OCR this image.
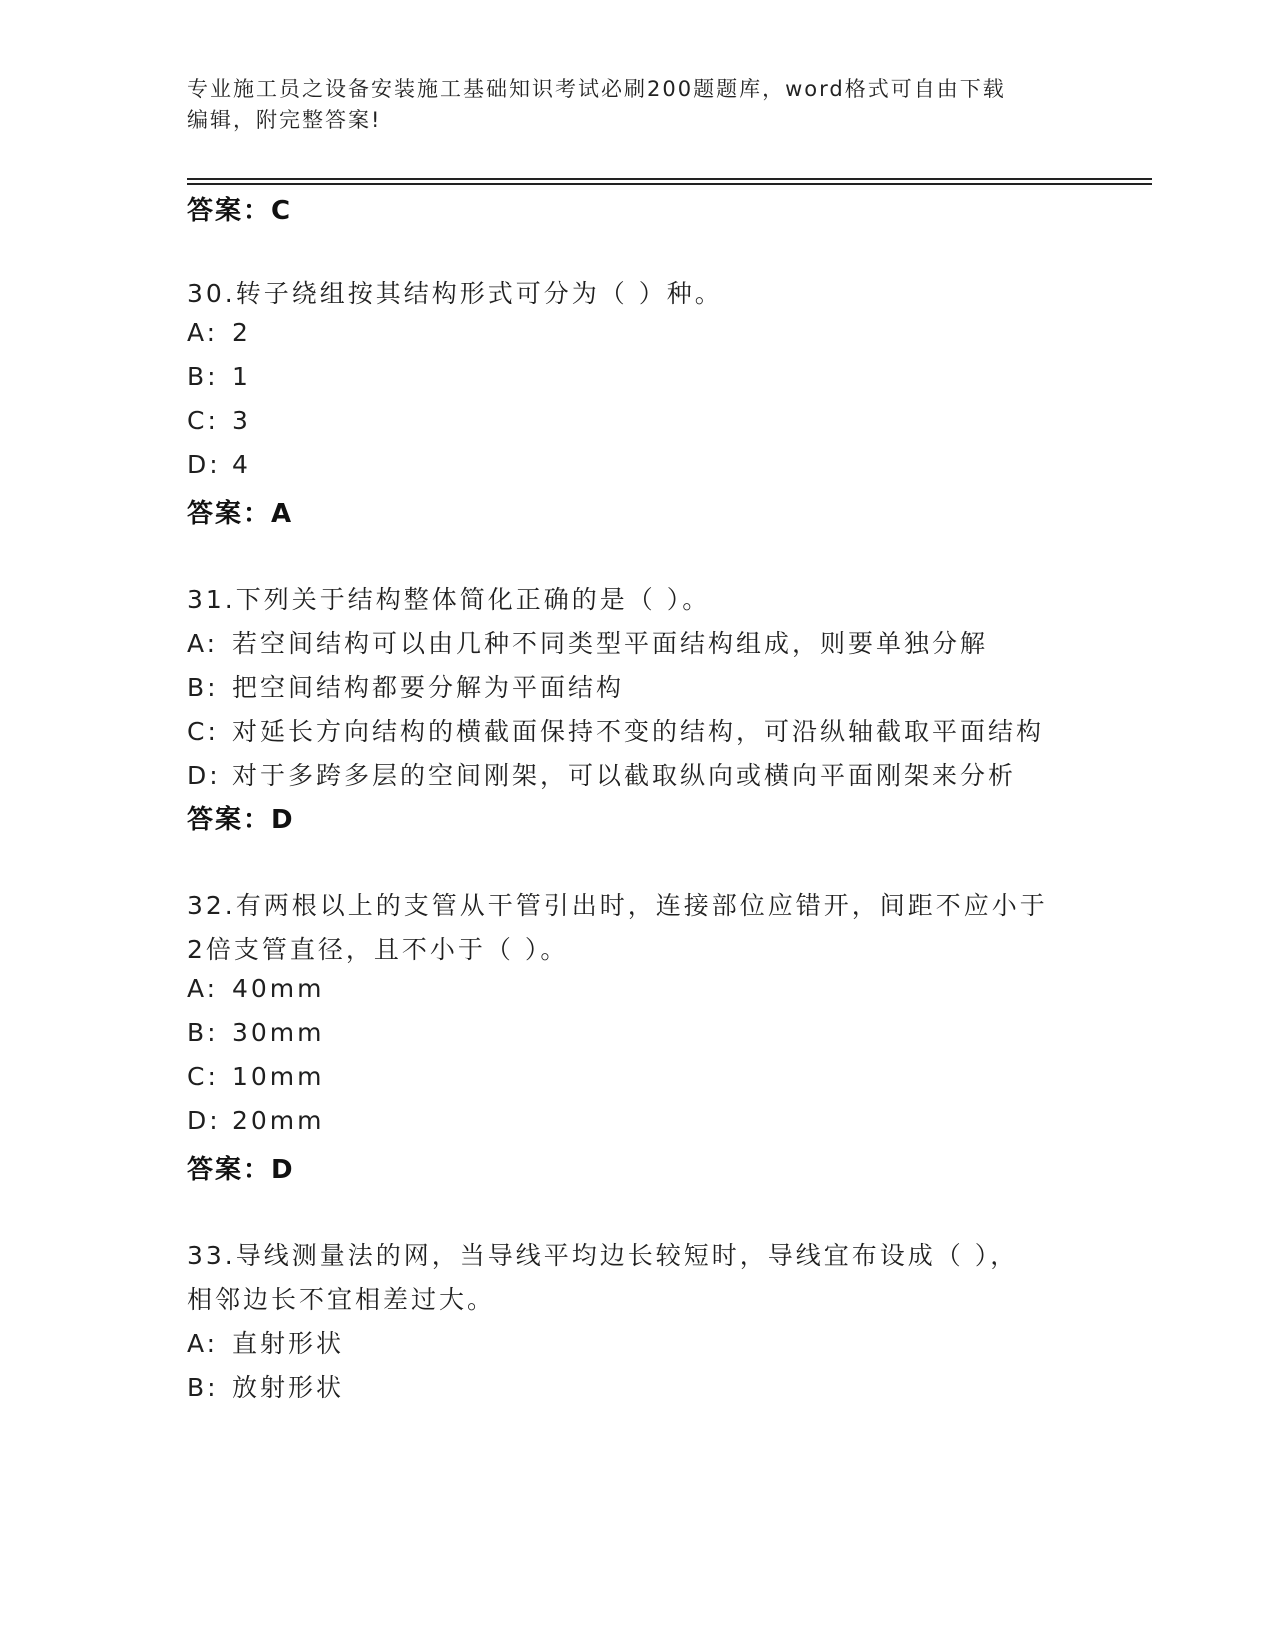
专业施工员之设备安装施工基础知识考试必刷200题题库，word格式可自由下载
编辑，附完整答案!
答案：C
30.转子绕组按其结构形式可分为（ ）种。
A: 2
B: 1
C: 3
D: 4
答案：A
31.下列关于结构整体简化正确的是（ ）。
A: 若空间结构可以由几种不同类型平面结构组成，则要单独分解
B: 把空间结构都要分解为平面结构
C: 对延长方向结构的横截面保持不变的结构，可沿纵轴截取平面结构
D: 对于多跨多层的空间刚架，可以截取纵向或横向平面刚架来分析
答案：D
32.有两根以上的支管从干管引出时，连接部位应错开，间距不应小于
2倍支管直径，且不小于（ ）。
A: 40mm
B: 30mm
C: 10mm
D: 20mm
答案：D
33.导线测量法的网，当导线平均边长较短时，导线宜布设成（ ），
相邻边长不宜相差过大。
A: 直射形状
B: 放射形状
